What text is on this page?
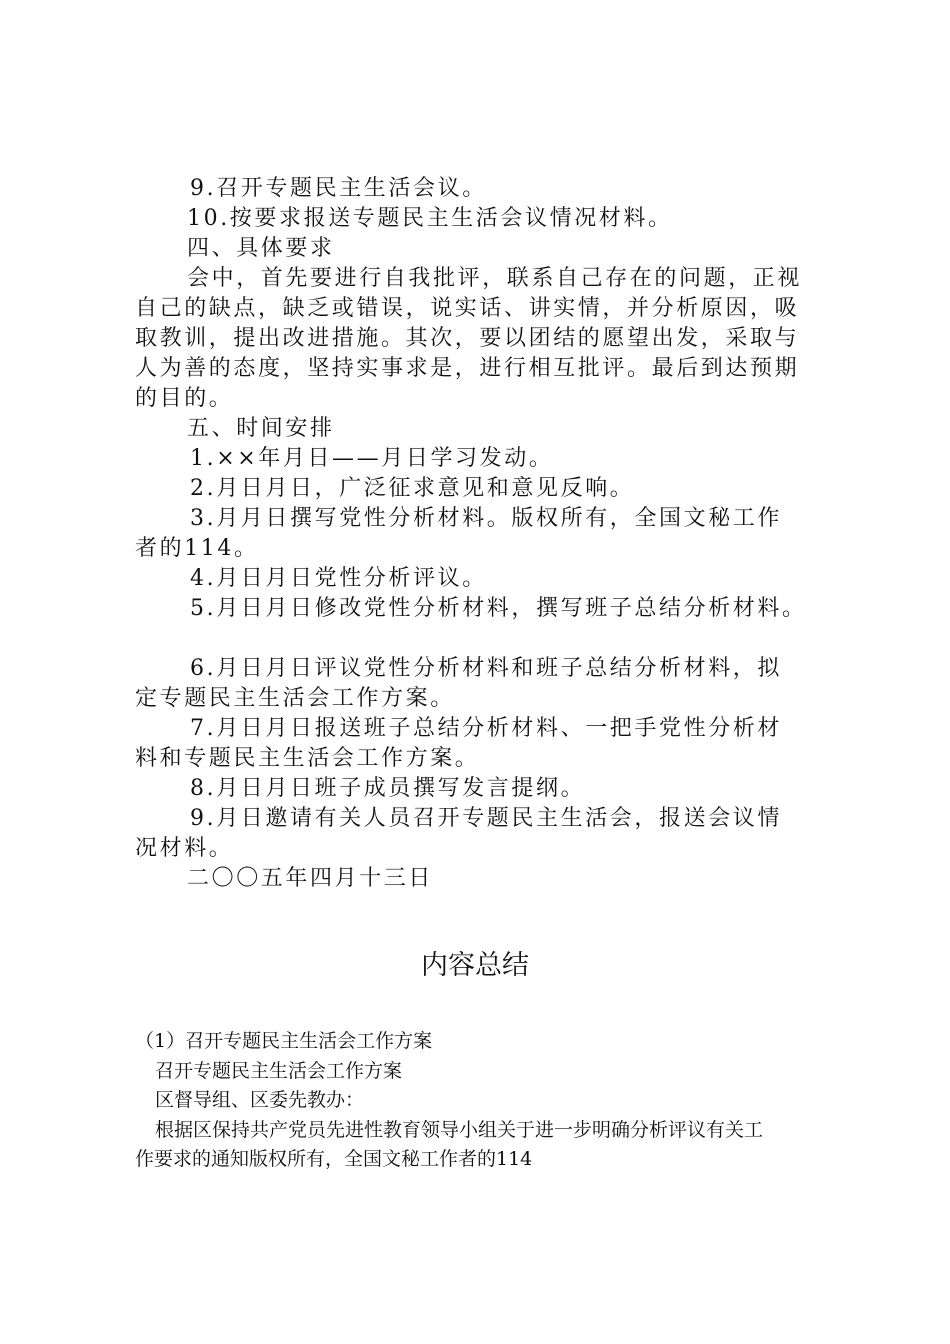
9.召开专题民主生活会议。

10.按要求报送专题民主生活会议情况材料。

四、具体要求

会中，首先要进行自我批评，联系自己存在的问题，正视

自己的缺点，缺乏或错误，说实话、讲实情，并分析原因，吸

取教训，提出改进措施。其次，要以团结的愿望出发，采取与

人为善的态度，坚持实事求是，进行相互批评。最后到达预期

的目的。

五、时间安排

1.××年月日——月日学习发动。

2.月日月日，广泛征求意见和意见反响。

3.月月日撰写党性分析材料。版权所有，全国文秘工作

者的114。

4.月日月日党性分析评议。

5.月日月日修改党性分析材料，撰写班子总结分析材料。

6.月日月日评议党性分析材料和班子总结分析材料，拟

定专题民主生活会工作方案。

7.月日月日报送班子总结分析材料、一把手党性分析材

料和专题民主生活会工作方案。

8.月日月日班子成员撰写发言提纲。

9.月日邀请有关人员召开专题民主生活会，报送会议情

况材料。

二〇〇五年四月十三日

内容总结

（1）召开专题民主生活会工作方案

召开专题民主生活会工作方案

区督导组、区委先教办：

根据区保持共产党员先进性教育领导小组关于进一步明确分析评议有关工

作要求的通知版权所有，全国文秘工作者的114
